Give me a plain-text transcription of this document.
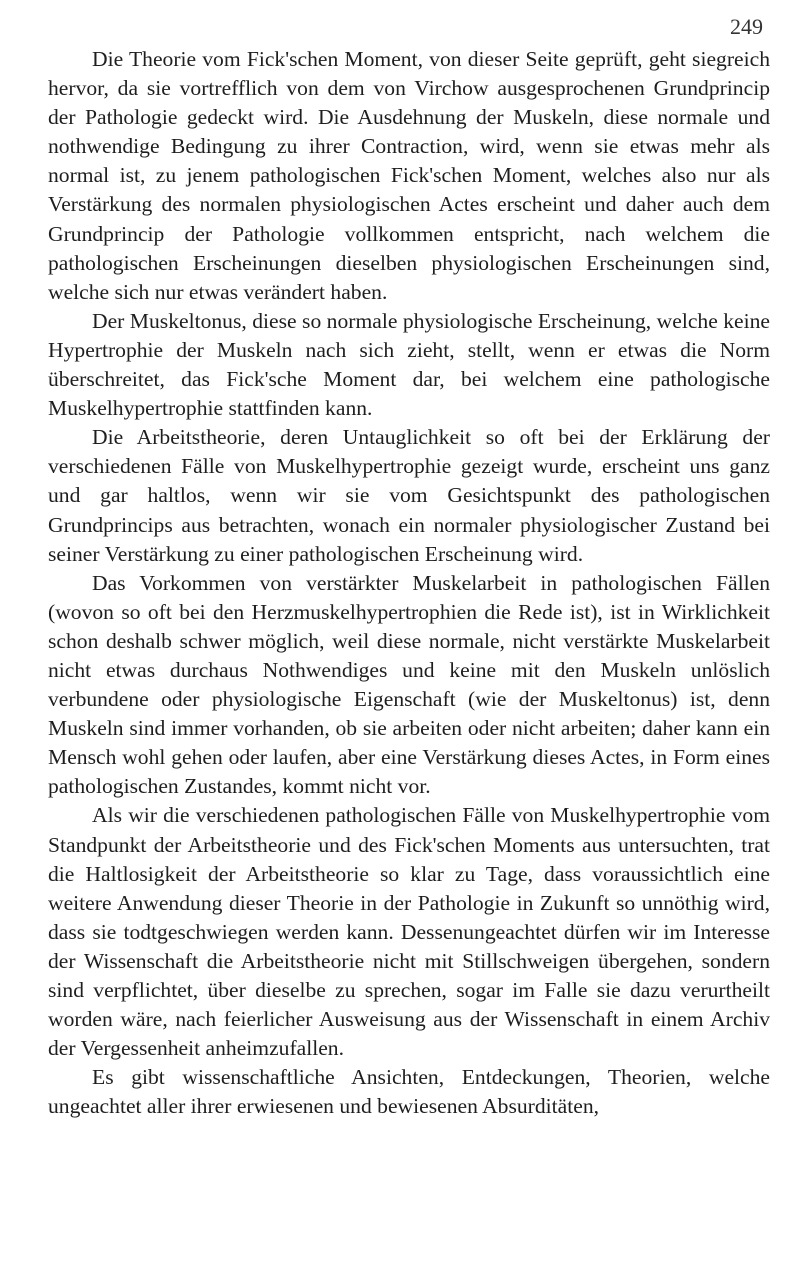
249

Die Theorie vom Fick'schen Moment, von dieser Seite geprüft, geht siegreich hervor, da sie vortrefflich von dem von Virchow ausgesprochenen Grundprincip der Pathologie gedeckt wird. Die Ausdehnung der Muskeln, diese normale und nothwendige Bedingung zu ihrer Contraction, wird, wenn sie etwas mehr als normal ist, zu jenem pathologischen Fick'schen Moment, welches also nur als Verstärkung des normalen physiologischen Actes erscheint und daher auch dem Grundprincip der Pathologie vollkommen entspricht, nach welchem die pathologischen Erscheinungen dieselben physiologischen Erscheinungen sind, welche sich nur etwas verändert haben.

Der Muskeltonus, diese so normale physiologische Erscheinung, welche keine Hypertrophie der Muskeln nach sich zieht, stellt, wenn er etwas die Norm überschreitet, das Fick'sche Moment dar, bei welchem eine pathologische Muskelhypertrophie stattfinden kann.

Die Arbeitstheorie, deren Untauglichkeit so oft bei der Erklärung der verschiedenen Fälle von Muskelhypertrophie gezeigt wurde, erscheint uns ganz und gar haltlos, wenn wir sie vom Gesichtspunkt des pathologischen Grundprincips aus betrachten, wonach ein normaler physiologischer Zustand bei seiner Verstärkung zu einer pathologischen Erscheinung wird.

Das Vorkommen von verstärkter Muskelarbeit in pathologischen Fällen (wovon so oft bei den Herzmuskelhypertrophien die Rede ist), ist in Wirklichkeit schon deshalb schwer möglich, weil diese normale, nicht verstärkte Muskelarbeit nicht etwas durchaus Nothwendiges und keine mit den Muskeln unlöslich verbundene oder physiologische Eigenschaft (wie der Muskeltonus) ist, denn Muskeln sind immer vorhanden, ob sie arbeiten oder nicht arbeiten; daher kann ein Mensch wohl gehen oder laufen, aber eine Verstärkung dieses Actes, in Form eines pathologischen Zustandes, kommt nicht vor.

Als wir die verschiedenen pathologischen Fälle von Muskelhypertrophie vom Standpunkt der Arbeitstheorie und des Fick'schen Moments aus untersuchten, trat die Haltlosigkeit der Arbeitstheorie so klar zu Tage, dass voraussichtlich eine weitere Anwendung dieser Theorie in der Pathologie in Zukunft so unnöthig wird, dass sie todtgeschwiegen werden kann. Dessenungeachtet dürfen wir im Interesse der Wissenschaft die Arbeitstheorie nicht mit Stillschweigen übergehen, sondern sind verpflichtet, über dieselbe zu sprechen, sogar im Falle sie dazu verurtheilt worden wäre, nach feierlicher Ausweisung aus der Wissenschaft in einem Archiv der Vergessenheit anheimzufallen.

Es gibt wissenschaftliche Ansichten, Entdeckungen, Theorien, welche ungeachtet aller ihrer erwiesenen und bewiesenen Absurditäten,
